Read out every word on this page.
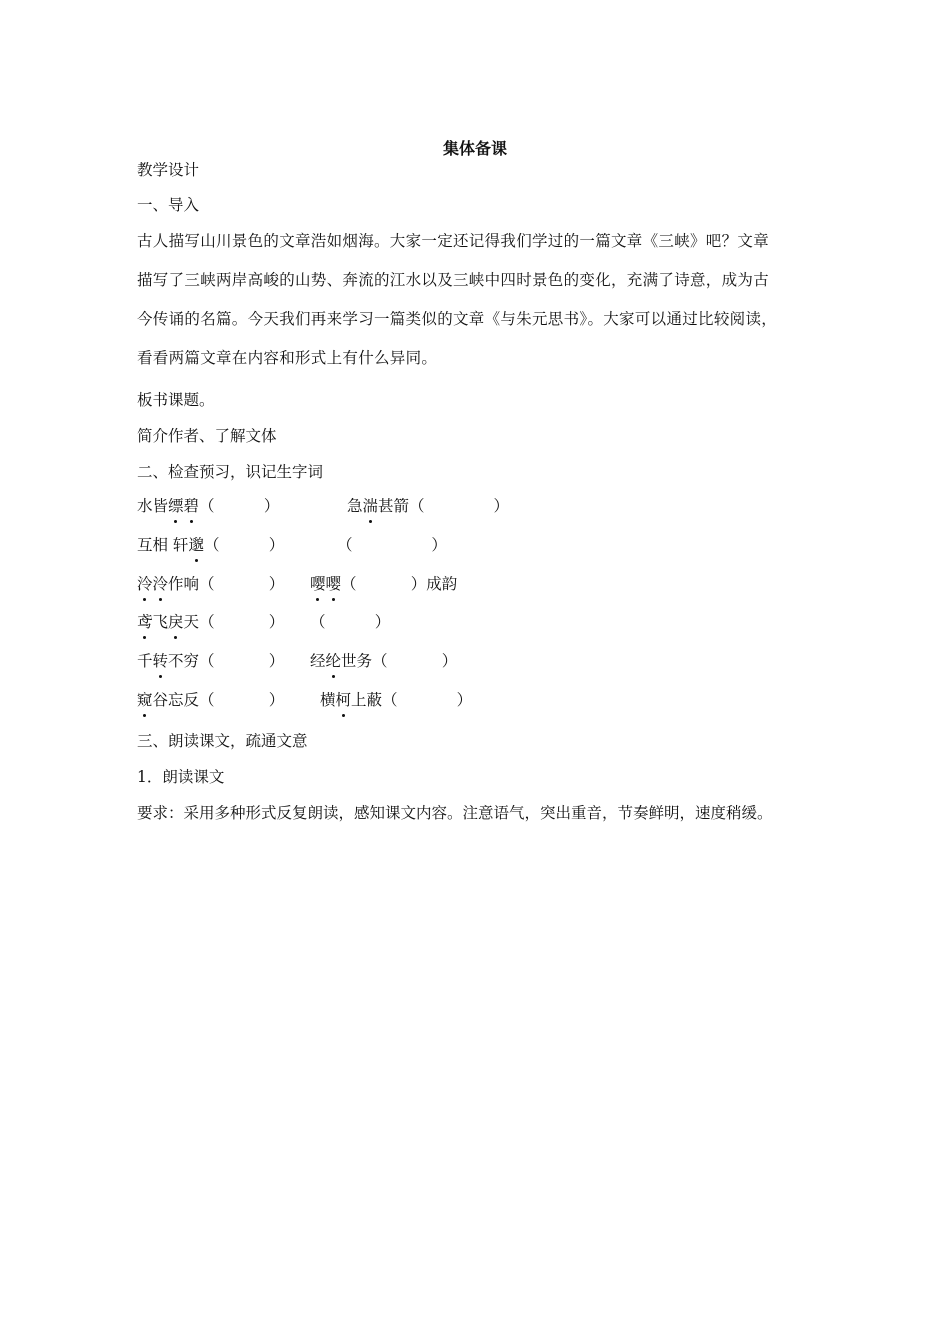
集体备课
教学设计
一、导入
古人描写山川景色的文章浩如烟海。大家一定还记得我们学过的一篇文章《三峡》吧？文章
描写了三峡两岸高峻的山势、奔流的江水以及三峡中四时景色的变化，充满了诗意，成为古
今传诵的名篇。今天我们再来学习一篇类似的文章《与朱元思书》。大家可以通过比较阅读，
看看两篇文章在内容和形式上有什么异同。
板书课题。
简介作者、了解文体
二、检查预习，识记生字词
水皆缥碧（          ）	急湍甚箭（              ）
互相 轩邈（          ）	（                ）
泠泠作响（           ） 嘤嘤（           ）成韵
鸢飞戾天（           ） （          ）
千转不穷（           ） 经纶世务（           ）
窥谷忘反（           ） 横柯上蔽（            ）
三、朗读课文，疏通文意
1．朗读课文
要求：采用多种形式反复朗读，感知课文内容。注意语气，突出重音，节奏鲜明，速度稍缓。
